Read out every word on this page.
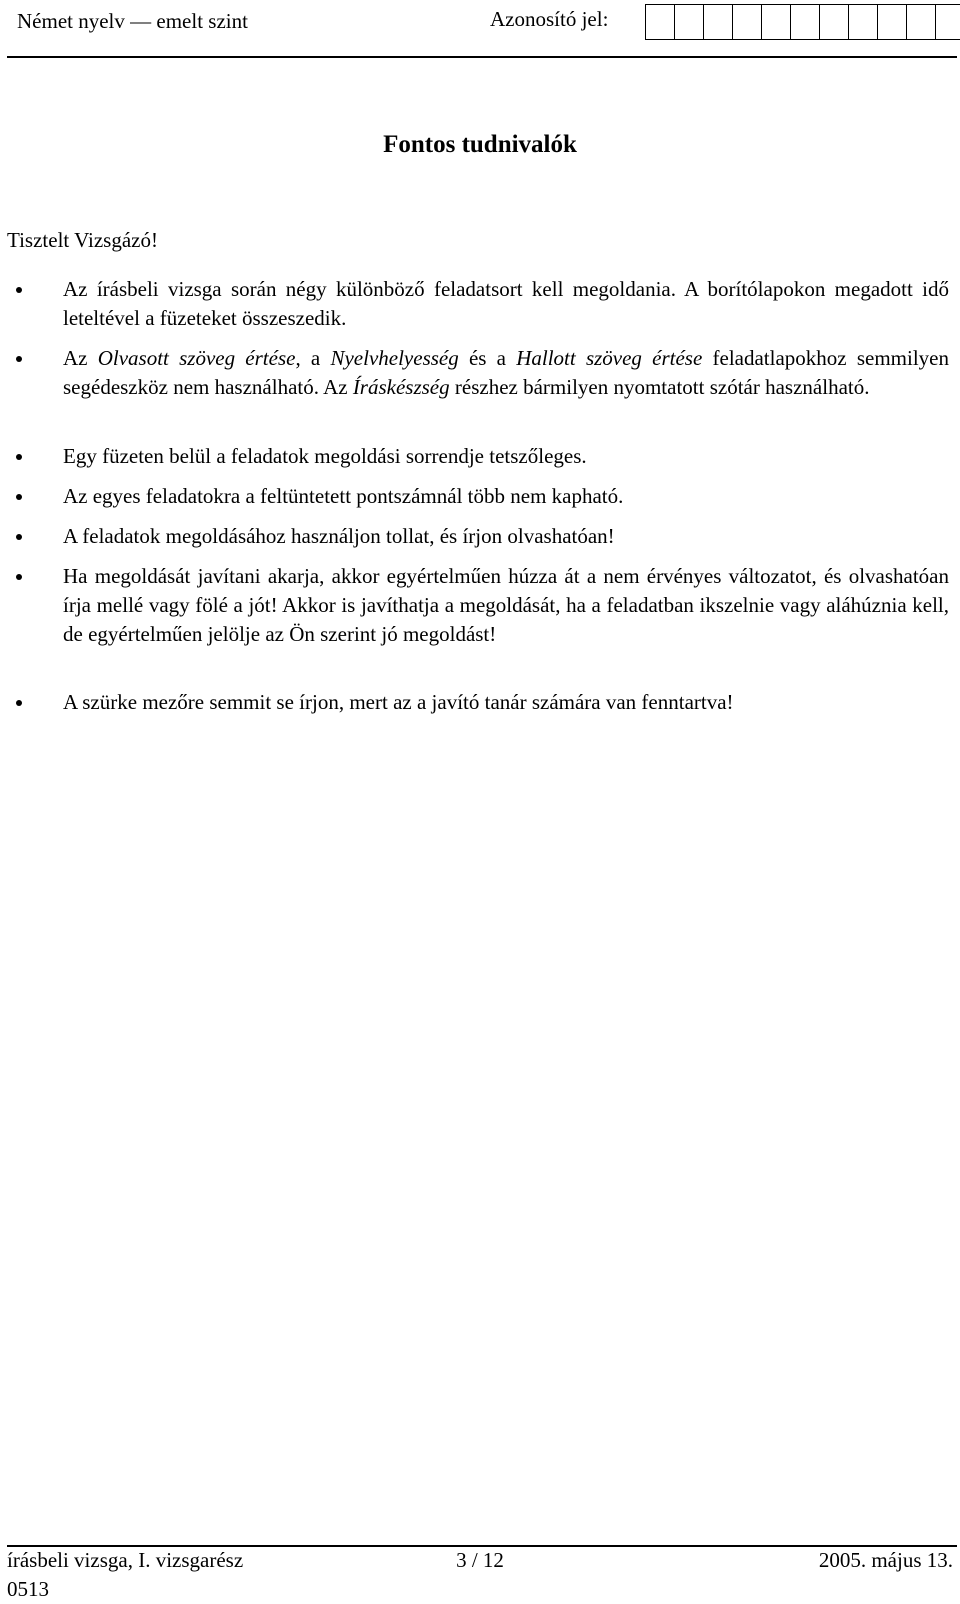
Német nyelv — emelt szint	Azonosító jel:
Fontos tudnivalók
Tisztelt Vizsgázó!
Az írásbeli vizsga során négy különböző feladatsort kell megoldania. A borítólapokon megadott idő leteltével a füzeteket összeszedik.
Az Olvasott szöveg értése, a Nyelvhelyesség és a Hallott szöveg értése feladatlapokhoz semmilyen segédeszköz nem használható. Az Íráskészség részhez bármilyen nyomtatott szótár használható.
Egy füzeten belül a feladatok megoldási sorrendje tetszőleges.
Az egyes feladatokra a feltüntetett pontszámnál több nem kapható.
A feladatok megoldásához használjon tollat, és írjon olvashatóan!
Ha megoldását javítani akarja, akkor egyértelműen húzza át a nem érvényes változatot, és olvashatóan írja mellé vagy fölé a jót! Akkor is javíthatja a megoldását, ha a feladatban ikszelnie vagy aláhúznia kell, de egyértelműen jelölje az Ön szerint jó megoldást!
A szürke mezőre semmit se írjon, mert az a javító tanár számára van fenntartva!
írásbeli vizsga, I. vizsgarész
0513
3 / 12	2005. május 13.
